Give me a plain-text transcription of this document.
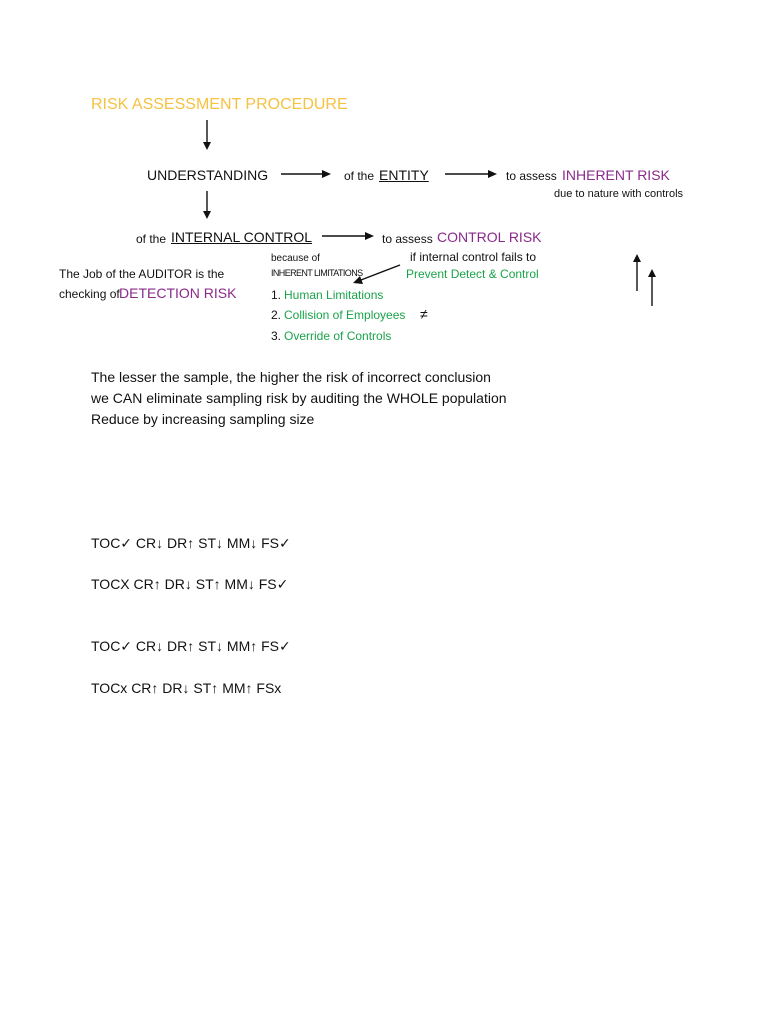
RISK ASSESSMENT PROCEDURE
UNDERSTANDING	of the ENTITY	to assess INHERENT RISK
due to nature with controls
of the INTERNAL CONTROL	to assess CONTROL RISK
because of
INHERENT LIMITATIONS
if internal control fails to
Prevent Detect & Control
The Job of the AUDITOR is the
checking of DETECTION RISK	1. Human Limitations
2. Collision of Employees ≠
3. Override of Controls
The lesser the sample, the higher the risk of incorrect conclusion
we CAN eliminate sampling risk by auditing the WHOLE population
Reduce by increasing sampling size
TOC✓ CR↓ DR↑ ST↓ MM↓ FS✓
TOCX CR↑ DR↓ ST↑ MM↓ FS✓
TOC✓ CR↓ DR↑ ST↓ MM↑ FS✓
TOCx CR↑ DR↓ ST↑ MM↑ FSx
